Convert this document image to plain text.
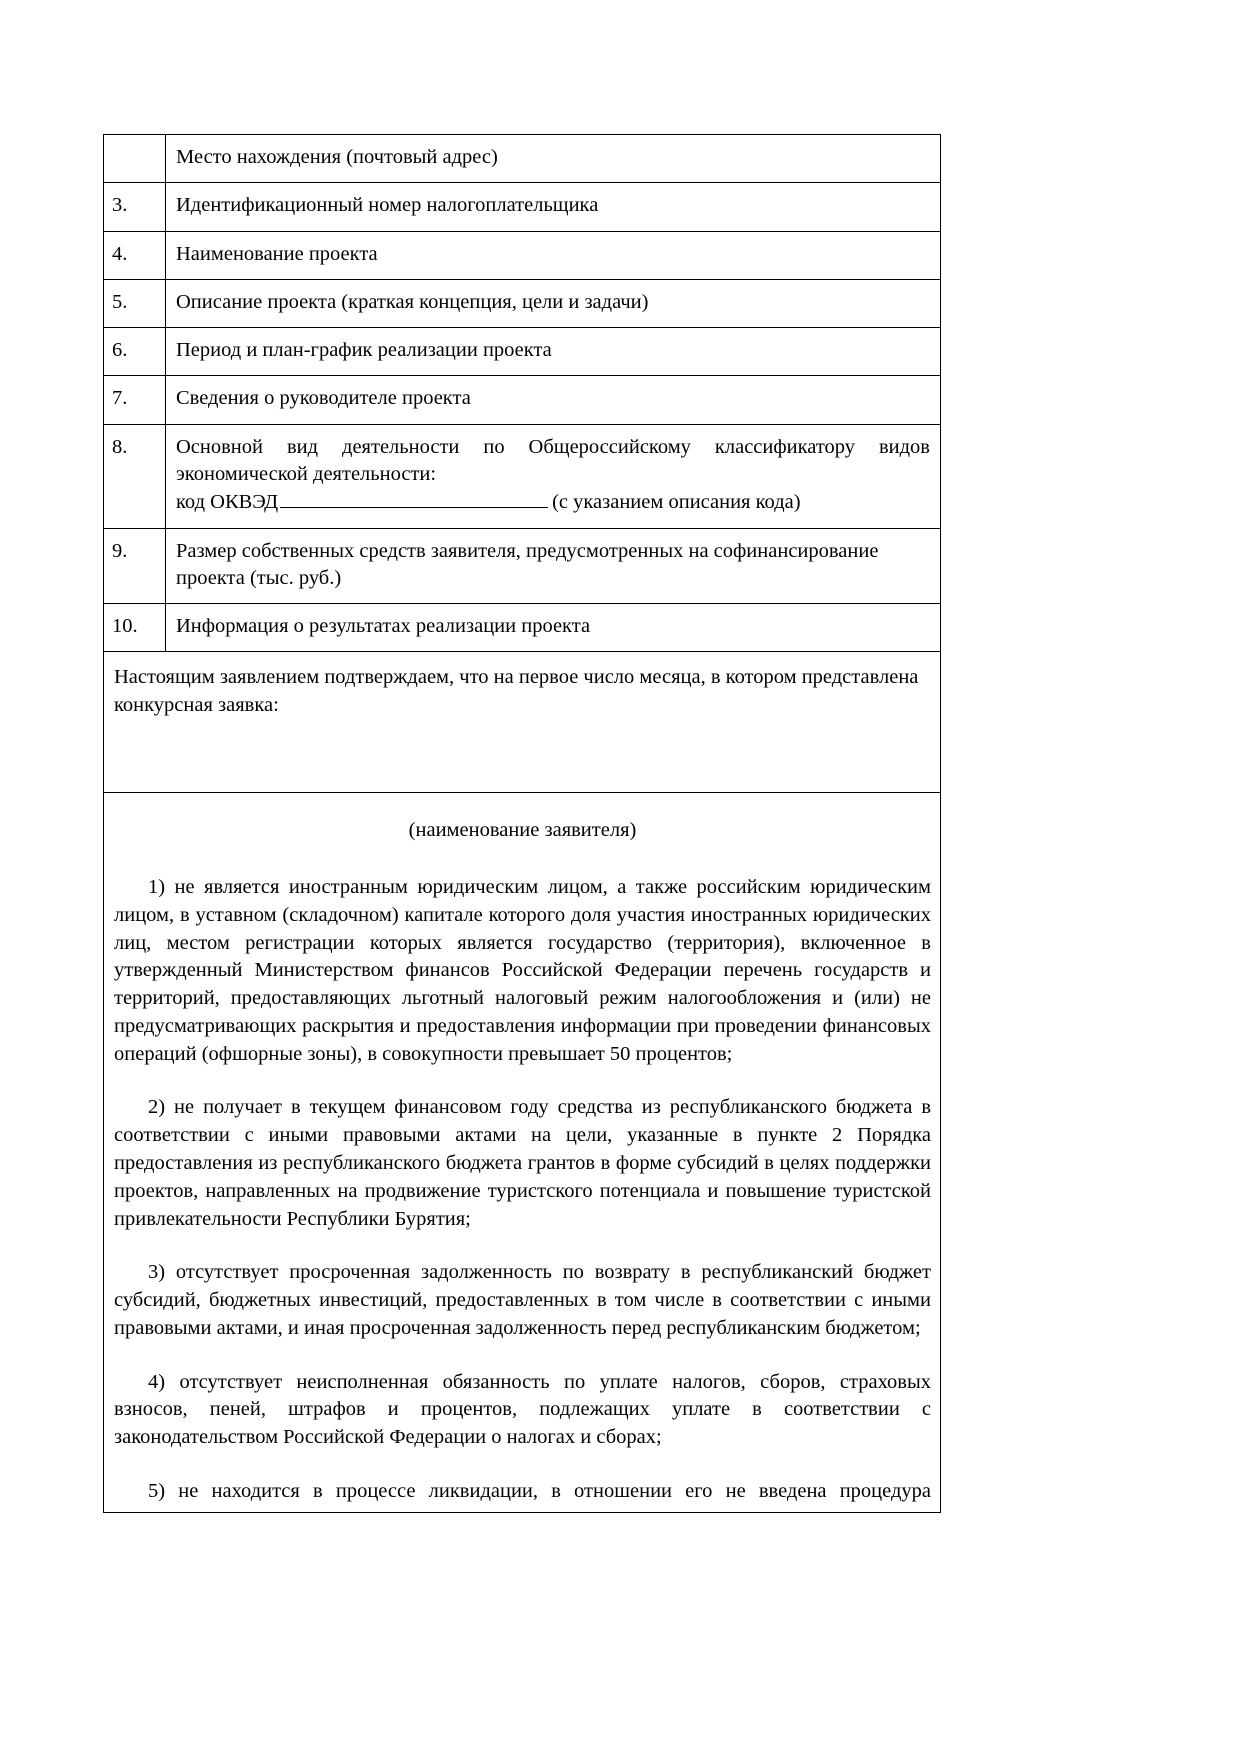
	Место нахождения (почтовый адрес)
3.	Идентификационный номер налогоплательщика
4.	Наименование проекта
5.	Описание проекта (краткая концепция, цели и задачи)
6.	Период и план-график реализации проекта
7.	Сведения о руководителе проекта
8.	Основной вид деятельности по Общероссийскому классификатору видов экономической деятельности:
код ОКВЭД (с указанием описания кода)
9.	Размер собственных средств заявителя, предусмотренных на софинансирование проекта (тыс. руб.)
10.	Информация о результатах реализации проекта

Настоящим заявлением подтверждаем, что на первое число месяца, в котором представлена конкурсная заявка:	

(наименование заявителя)

1) не является иностранным юридическим лицом, а также российским юридическим лицом, в уставном (складочном) капитале которого доля участия иностранных юридических лиц, местом регистрации которых является государство (территория), включенное в утвержденный Министерством финансов Российской Федерации перечень государств и территорий, предоставляющих льготный налоговый режим налогообложения и (или) не предусматривающих раскрытия и предоставления информации при проведении финансовых операций (офшорные зоны), в совокупности превышает 50 процентов;

2) не получает в текущем финансовом году средства из республиканского бюджета в соответствии с иными правовыми актами на цели, указанные в пункте 2 Порядка предоставления из республиканского бюджета грантов в форме субсидий в целях поддержки проектов, направленных на продвижение туристского потенциала и повышение туристской привлекательности Республики Бурятия;

3) отсутствует просроченная задолженность по возврату в республиканский бюджет субсидий, бюджетных инвестиций, предоставленных в том числе в соответствии с иными правовыми актами, и иная просроченная задолженность перед республиканским бюджетом;

4) отсутствует неисполненная обязанность по уплате налогов, сборов, страховых взносов, пеней, штрафов и процентов, подлежащих уплате в соответствии с законодательством Российской Федерации о налогах и сборах;

5) не находится в процессе ликвидации, в отношении его не введена процедура
